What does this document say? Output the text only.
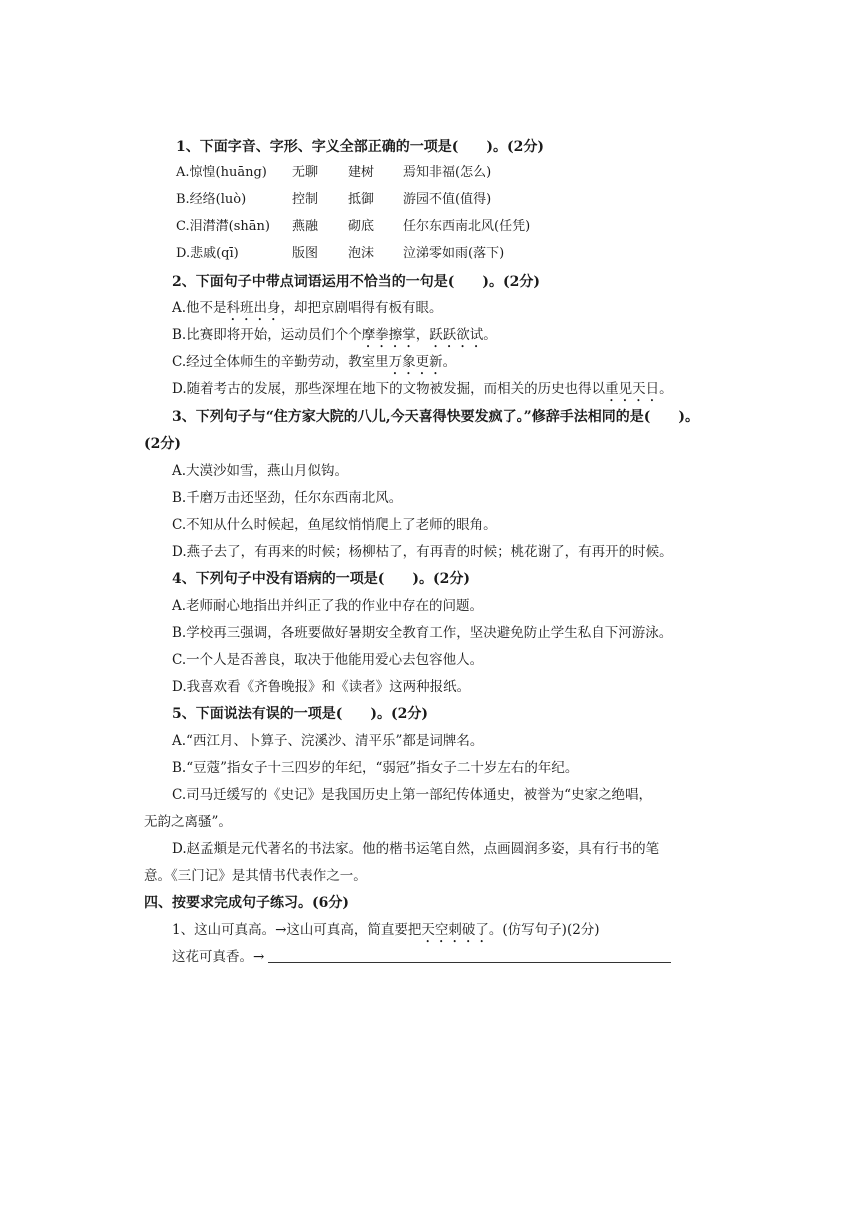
1、下面字音、字形、字义全部正确的一项是(　　)。(2分)
A.惊惶(huāng) 无聊 建树 焉知非福(怎么)
B.经络(luò)	控制 抵御 游园不值(值得)
C.泪潸潸(shān) 燕融 砌底 任尔东西南北风(任凭)
D.悲戚(qī)	版图 泡沫 泣涕零如雨(落下)
2、下面句子中带点词语运用不恰当的一句是(　　)。(2分)
A.他不是科班出身，却把京剧唱得有板有眼。
B.比赛即将开始，运动员们个个摩拳擦掌，跃跃欲试。
C.经过全体师生的辛勤劳动，教室里万象更新。
D.随着考古的发展，那些深埋在地下的文物被发掘，而相关的历史也得以重见天日。
3、下列句子与“住方家大院的八儿,今天喜得快要发疯了。”修辞手法相同的是(　　)。
(2分)
A.大漠沙如雪，燕山月似钩。
B.千磨万击还坚劲，任尔东西南北风。
C.不知从什么时候起，鱼尾纹悄悄爬上了老师的眼角。
D.燕子去了，有再来的时候；杨柳枯了，有再青的时候；桃花谢了，有再开的时候。
4、下列句子中没有语病的一项是(　　)。(2分)
A.老师耐心地指出并纠正了我的作业中存在的问题。
B.学校再三强调，各班要做好暑期安全教育工作，坚决避免防止学生私自下河游泳。
C.一个人是否善良，取决于他能用爱心去包容他人。
D.我喜欢看《齐鲁晚报》和《读者》这两种报纸。
5、下面说法有误的一项是(　　)。(2分)
A.“西江月、卜算子、浣溪沙、清平乐”都是词牌名。
B.“豆蔻”指女子十三四岁的年纪，“弱冠”指女子二十岁左右的年纪。
C.司马迁缓写的《史记》是我国历史上第一部纪传体通史，被誉为“史家之绝唱，
无韵之离骚”。
D.赵孟頫是元代著名的书法家。他的楷书运笔自然，点画圆润多姿，具有行书的笔
意。《三门记》是其情书代表作之一。
四、按要求完成句子练习。(6分)
1、这山可真高。→这山可真高，简直要把天空刺破了。(仿写句子)(2分)
这花可真香。→
